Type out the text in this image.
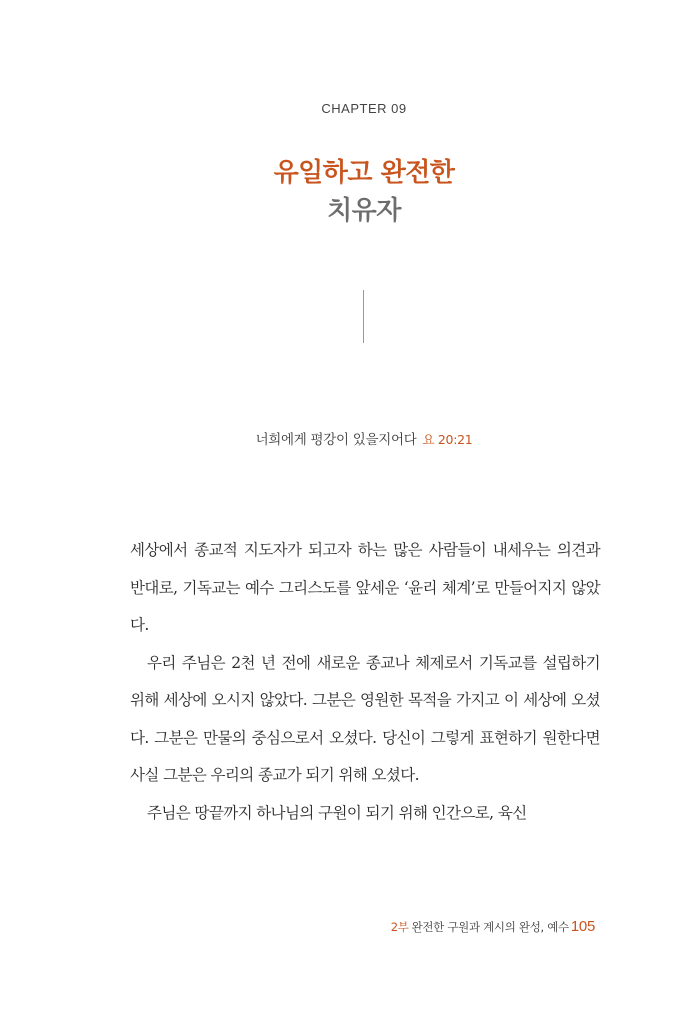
CHAPTER 09
유일하고 완전한
치유자
너희에게 평강이 있을지어다 요 20:21

세상에서 종교적 지도자가 되고자 하는 많은 사람들이 내세우는 의견과 반대로, 기독교는 예수 그리스도를 앞세운 ‘윤리 체계’로 만들어지지 않았다.

우리 주님은 2천 년 전에 새로운 종교나 체제로서 기독교를 설립하기 위해 세상에 오시지 않았다. 그분은 영원한 목적을 가지고 이 세상에 오셨다. 그분은 만물의 중심으로서 오셨다. 당신이 그렇게 표현하기 원한다면 사실 그분은 우리의 종교가 되기 위해 오셨다.

주님은 땅끝까지 하나님의 구원이 되기 위해 인간으로, 육신

2부 완전한 구원과 계시의 완성, 예수 105
